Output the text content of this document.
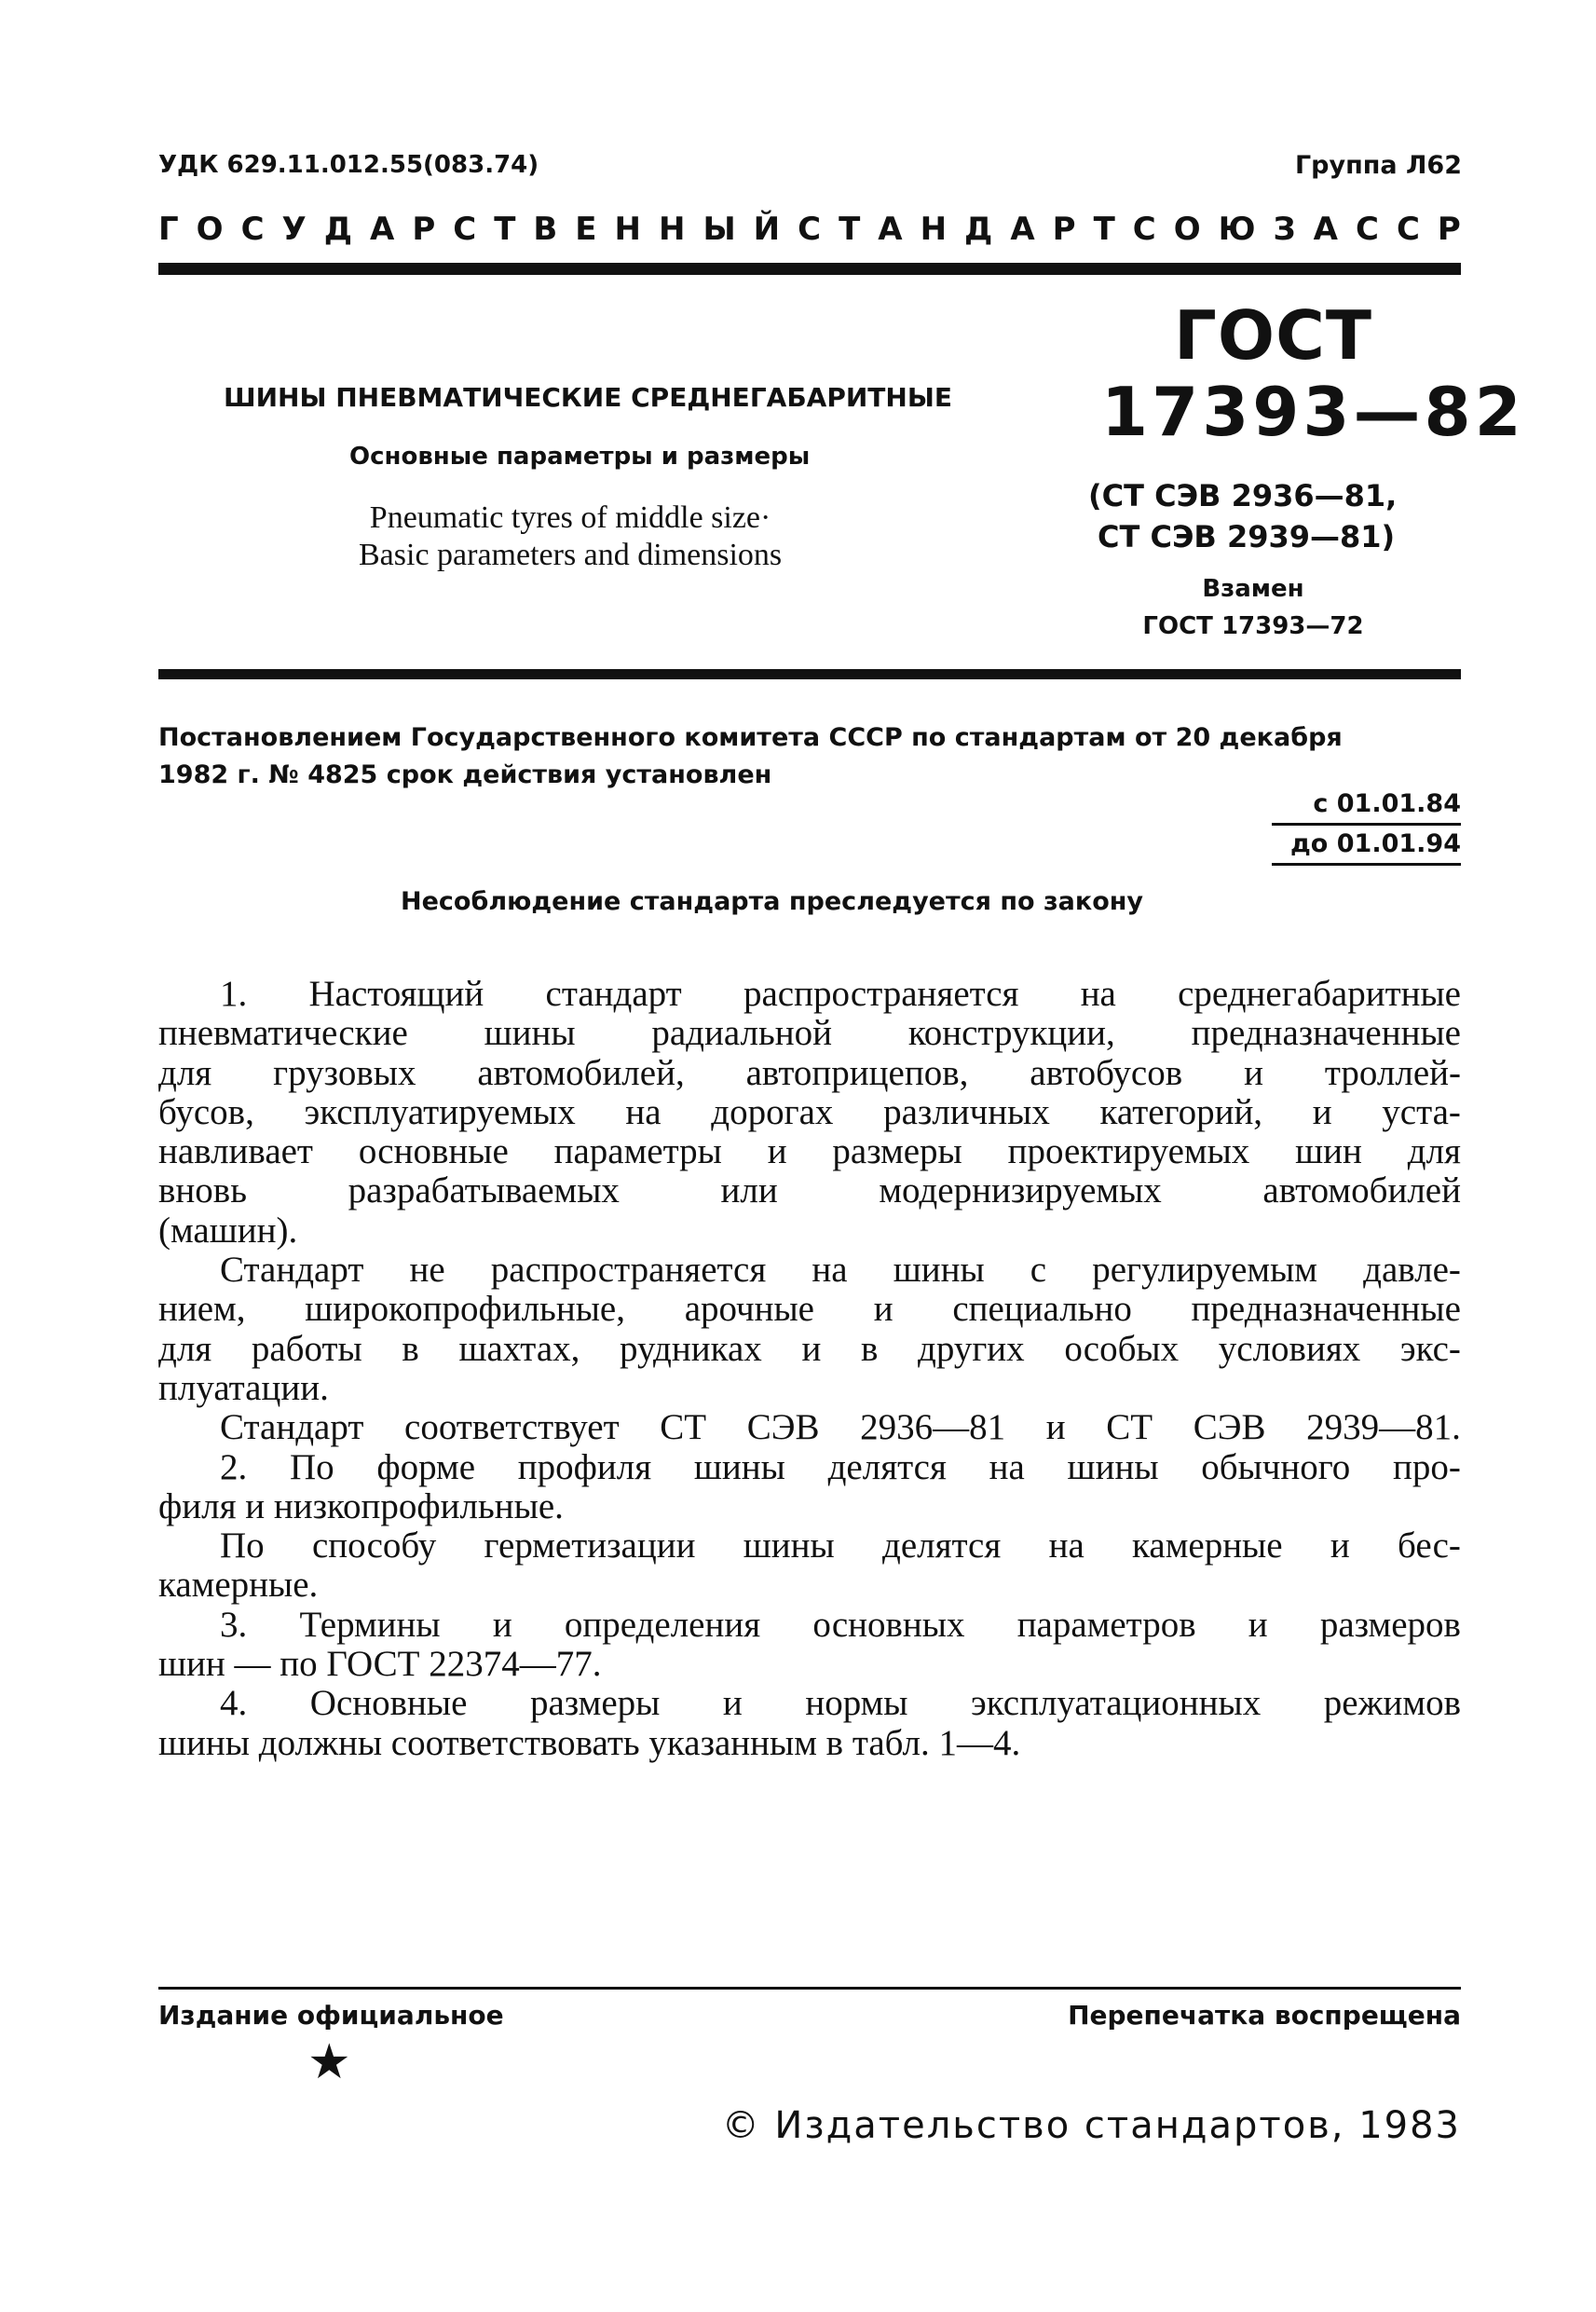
УДК 629.11.012.55(083.74)	Группа Л62
ГОСУДАРСТВЕННЫЙ СТАНДАРТ СОЮЗА ССР
ШИНЫ ПНЕВМАТИЧЕСКИЕ СРЕДНЕГАБАРИТНЫЕ
Основные параметры и размеры
Pneumatic tyres of middle size·
Basic parameters and dimensions
ГОСТ
17393—82
(СТ СЭВ 2936—81,
СТ СЭВ 2939—81)
Взамен
ГОСТ 17393—72
Постановлением Государственного комитета СССР по стандартам от 20 декабря
1982 г. № 4825 срок действия установлен
с 01.01.84
до 01.01.94
Несоблюдение стандарта преследуется по закону

1. Настоящий стандарт распространяется на среднегабаритные

пневматические шины радиальной конструкции, предназначенные

для грузовых автомобилей, автоприцепов, автобусов и троллей-

бусов, эксплуатируемых на дорогах различных категорий, и уста-

навливает основные параметры и размеры проектируемых шин для

вновь	разрабатываемых	или	модернизируемых	автомобилей

(машин).

Стандарт не распространяется на шины с регулируемым давле-

нием, широкопрофильные, арочные и специально предназначенные

для работы в шахтах, рудниках и в других особых условиях экс-

плуатации.

Стандарт соответствует СТ СЭВ 2936—81 и СТ СЭВ 2939—81.

2. По форме профиля шины делятся на шины обычного про-

филя и низкопрофильные.

По способу герметизации шины делятся на камерные и бес-

камерные.

3. Термины и определения основных параметров и размеров

шин — по ГОСТ 22374—77.

4. Основные размеры и нормы эксплуатационных режимов

шины должны соответствовать указанным в табл. 1—4.

Издание официальное	Перепечатка воспрещена
★
© Издательство стандартов, 1983
